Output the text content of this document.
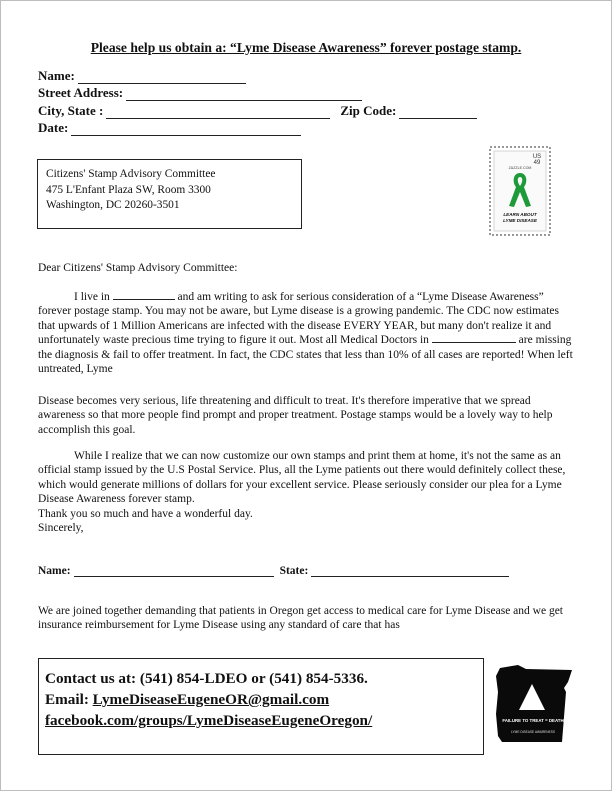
Please help us obtain a: “Lyme Disease Awareness” forever postage stamp.
Name:
Street Address:
City, State :	Zip Code:
Date:
Citizens' Stamp Advisory Committee
475 L'Enfant Plaza SW, Room 3300
Washington, DC 20260-3501
US
49
ZAZZLE.COM
LEARN ABOUT
LYME DISEASE
Dear Citizens' Stamp Advisory Committee:
I live in	and am writing to ask for serious consideration of a “Lyme Disease Awareness” forever postage stamp. You may not be aware, but Lyme disease is a growing pandemic. The CDC now estimates that upwards of 1 Million Americans are infected with the disease EVERY YEAR, but many don't realize it and unfortunately waste precious time trying to figure it out. Most all Medical Doctors in	are missing the diagnosis & fail to offer treatment. In fact, the CDC states that less than 10% of all cases are reported! When left untreated, Lyme
Disease becomes very serious, life threatening and difficult to treat. It's therefore imperative that we spread awareness so that more people find prompt and proper treatment. Postage stamps would be a lovely way to help accomplish this goal.
While I realize that we can now customize our own stamps and print them at home, it's not the same as an official stamp issued by the U.S Postal Service. Plus, all the Lyme patients out there would definitely collect these, which would generate millions of dollars for your excellent service. Please seriously consider our plea for a Lyme Disease Awareness forever stamp.
Thank you so much and have a wonderful day.
Sincerely,
Name:	State:
We are joined together demanding that patients in Oregon get access to medical care for Lyme Disease and we get insurance reimbursement for Lyme Disease using any standard of care that has
Contact us at: (541) 854-LDEO or (541) 854-5336.
Email: LymeDiseaseEugeneOR@gmail.com
facebook.com/groups/LymeDiseaseEugeneOregon/	FAILURE TO TREAT = DEATH
LYME DISEASE AWARENESS
